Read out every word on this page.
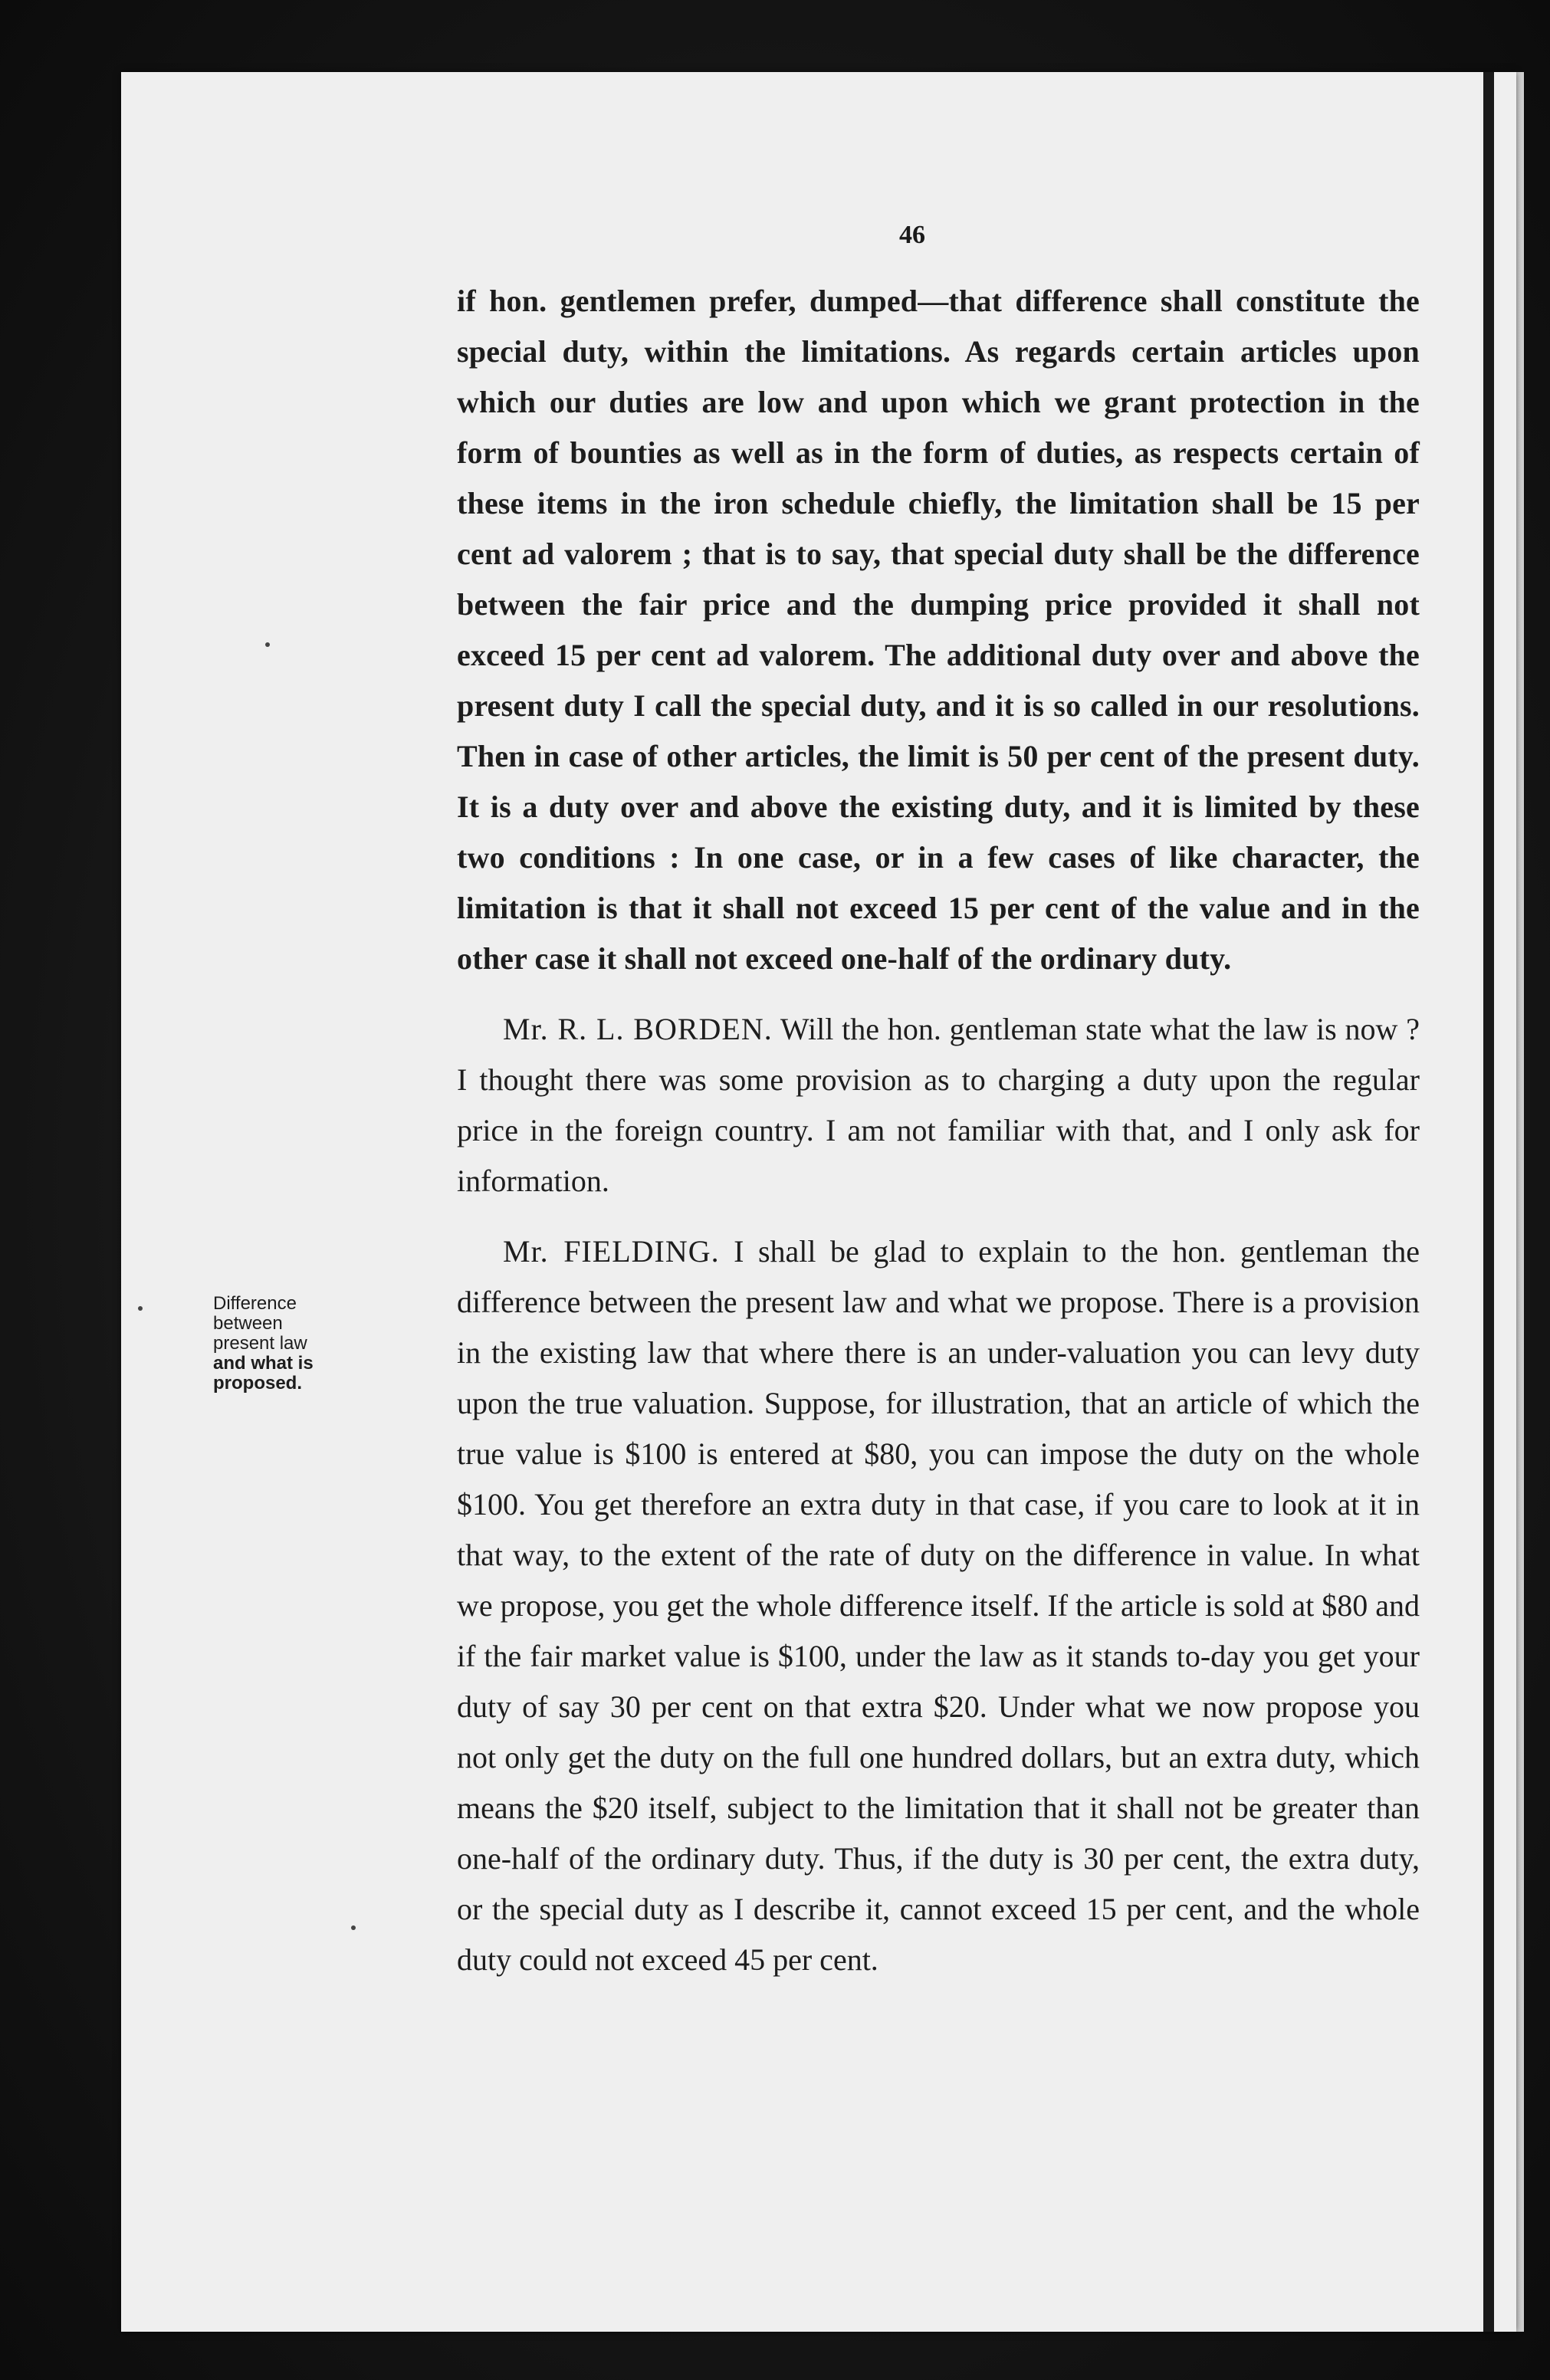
46
Difference
between
present law
and what is
proposed.

if hon. gentlemen prefer, dumped—that difference shall constitute the special duty, within the limitations. As regards certain articles upon which our duties are low and upon which we grant protection in the form of bounties as well as in the form of duties, as respects certain of these items in the iron schedule chiefly, the limitation shall be 15 per cent ad valorem ; that is to say, that special duty shall be the difference between the fair price and the dumping price provided it shall not exceed 15 per cent ad valorem. The additional duty over and above the present duty I call the special duty, and it is so called in our resolutions. Then in case of other articles, the limit is 50 per cent of the present duty. It is a duty over and above the existing duty, and it is limited by these two conditions : In one case, or in a few cases of like character, the limitation is that it shall not exceed 15 per cent of the value and in the other case it shall not exceed one-half of the ordinary duty.

Mr. R. L. BORDEN. Will the hon. gentleman state what the law is now ? I thought there was some provision as to charging a duty upon the regular price in the foreign country. I am not familiar with that, and I only ask for information.

Mr. FIELDING. I shall be glad to explain to the hon. gentleman the difference between the present law and what we propose. There is a provision in the existing law that where there is an under-valuation you can levy duty upon the true valuation. Suppose, for illustration, that an article of which the true value is $100 is entered at $80, you can impose the duty on the whole $100. You get therefore an extra duty in that case, if you care to look at it in that way, to the extent of the rate of duty on the difference in value. In what we propose, you get the whole difference itself. If the article is sold at $80 and if the fair market value is $100, under the law as it stands to-day you get your duty of say 30 per cent on that extra $20. Under what we now propose you not only get the duty on the full one hundred dollars, but an extra duty, which means the $20 itself, subject to the limitation that it shall not be greater than one-half of the ordinary duty. Thus, if the duty is 30 per cent, the extra duty, or the special duty as I describe it, cannot exceed 15 per cent, and the whole duty could not exceed 45 per cent.
